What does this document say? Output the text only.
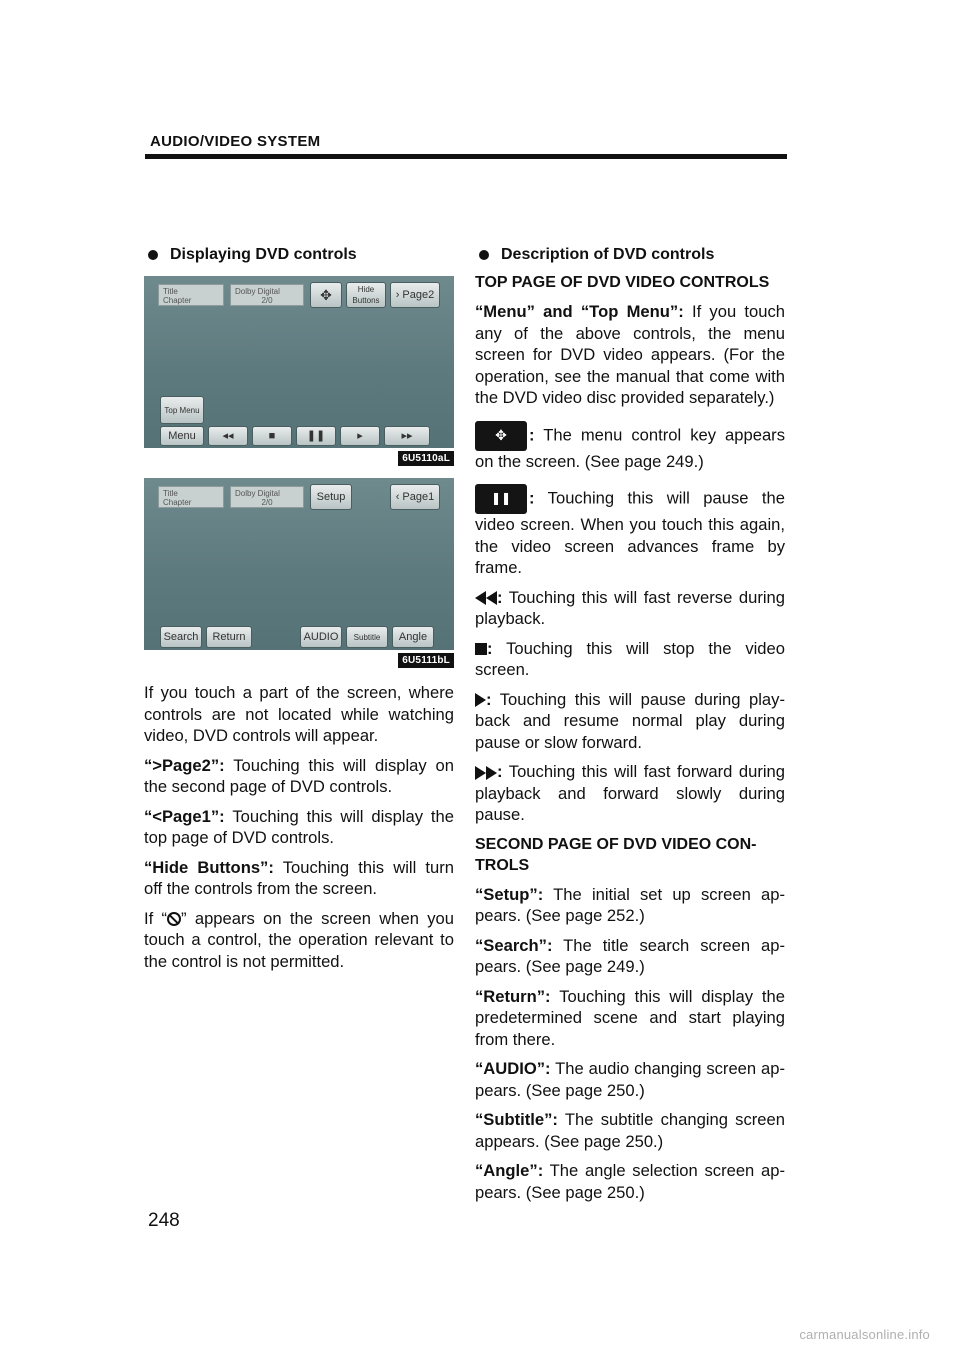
AUDIO/VIDEO SYSTEM
Displaying DVD controls
Title
Chapter
Dolby Digital
2/0	✥	Hide Buttons	› Page2
Top Menu
Menu	◂◂	■	❚❚	▸	▸▸
6U5110aL
Title
Chapter
Dolby Digital
2/0	Setup	‹ Page1
Search	Return	AUDIO	Subtitle	Angle
6U5111bL

If you touch a part of the screen, where controls are not located while watching video, DVD controls will appear.

“>Page2”: Touching this will display on the second page of DVD controls.

“<Page1”: Touching this will display the top page of DVD controls.

“Hide Buttons”: Touching this will turn off the controls from the screen.

If “ ” appears on the screen when you touch a control, the operation relevant to the control is not permitted.

Description of DVD controls
TOP PAGE OF DVD VIDEO CONTROLS

“Menu” and “Top Menu”: If you touch any of the above controls, the menu screen for DVD video appears. (For the operation, see the manual that come with the DVD video disc provided separately.)

✥ : The menu control key appears on the screen. (See page 249.)

❚❚ : Touching this will pause the video screen. When you touch this again, the video screen advances frame by frame.

: Touching this will fast reverse during playback.

: Touching this will stop the video screen.

: Touching this will pause during play-back and resume normal play during pause or slow forward.

: Touching this will fast forward during playback and forward slowly during pause.

SECOND PAGE OF DVD VIDEO CON-TROLS

“Setup”: The initial set up screen ap-pears. (See page 252.)

“Search”: The title search screen ap-pears. (See page 249.)

“Return”: Touching this will display the predetermined scene and start playing from there.

“AUDIO”: The audio changing screen ap-pears. (See page 250.)

“Subtitle”: The subtitle changing screen appears. (See page 250.)

“Angle”: The angle selection screen ap-pears. (See page 250.)

248
carmanualsonline.info
